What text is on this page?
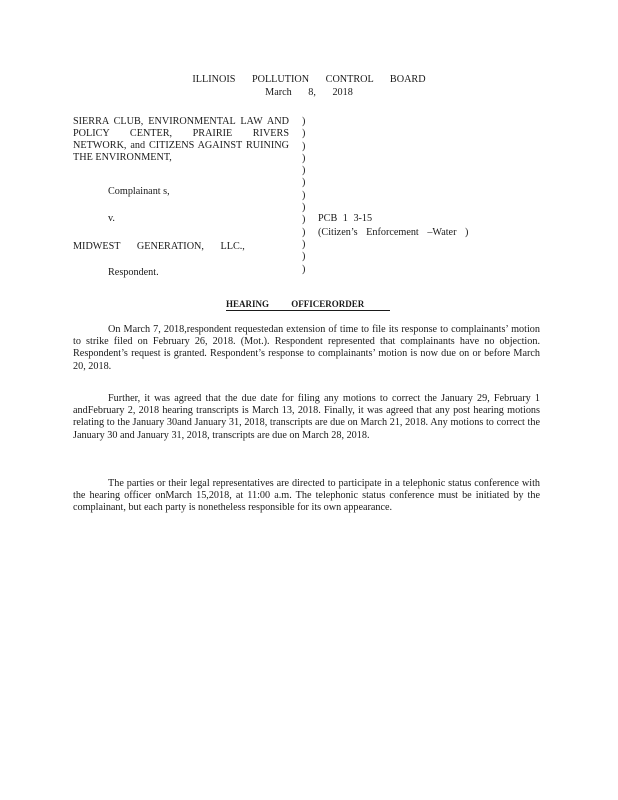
ILLINOIS POLLUTION CONTROL BOARD
March 8, 2018
SIERRA CLUB, ENVIRONMENTAL LAW AND POLICY CENTER, PRAIRIE RIVERS NETWORK, and CITIZENS AGAINST RUINING THE ENVIRONMENT,
Complainant s,
v.
MIDWEST GENERATION, LLC.,
Respondent.
)
)
)
)
)
)
)
)
)
)
)
)
)
PCB 1 3-15
(Citizen’s Enforcement –Water )
HEARING OFFICERORDER

On March 7, 2018,respondent requestedan extension of time to file its response to complainants’ motion to strike filed on February 26, 2018. (Mot.). Respondent represented that complainants have no objection. Respondent’s request is granted. Respondent’s response to complainants’ motion is now due on or before March 20, 2018.

Further, it was agreed that the due date for filing any motions to correct the January 29, February 1 andFebruary 2, 2018 hearing transcripts is March 13, 2018. Finally, it was agreed that any post hearing motions relating to the January 30and January 31, 2018, transcripts are due on March 21, 2018. Any motions to correct the January 30 and January 31, 2018, transcripts are due on March 28, 2018.

The parties or their legal representatives are directed to participate in a telephonic status conference with the hearing officer onMarch 15,2018, at 11:00 a.m. The telephonic status conference must be initiated by the complainant, but each party is nonetheless responsible for its own appearance.
